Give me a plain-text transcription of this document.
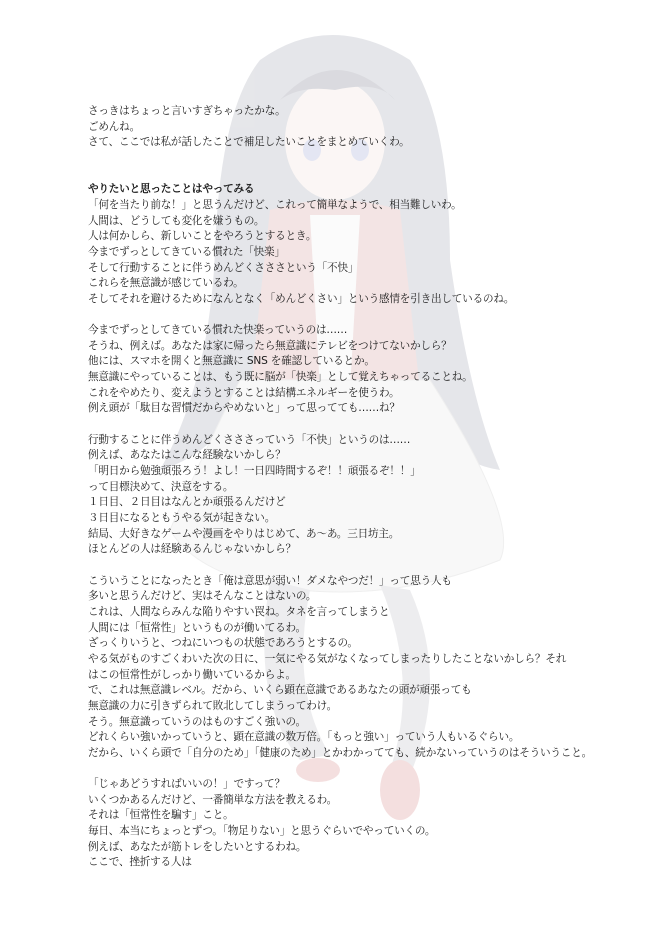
さっきはちょっと言いすぎちゃったかな。
ごめんね。
さて、ここでは私が話したことで補足したいことをまとめていくわ。
やりたいと思ったことはやってみる
「何を当たり前な！」と思うんだけど、これって簡単なようで、相当難しいわ。
人間は、どうしても変化を嫌うもの。
人は何かしら、新しいことをやろうとするとき。
今までずっとしてきている慣れた「快楽」
そして行動することに伴うめんどくさささという「不快」
これらを無意識が感じているわ。
そしてそれを避けるためになんとなく「めんどくさい」という感情を引き出しているのね。
今までずっとしてきている慣れた快楽っていうのは……
そうね、例えば。あなたは家に帰ったら無意識にテレビをつけてないかしら？
他には、スマホを開くと無意識に SNS を確認しているとか。
無意識にやっていることは、もう既に脳が「快楽」として覚えちゃってることね。
これをやめたり、変えようとすることは結構エネルギーを使うわ。
例え頭が「駄目な習慣だからやめないと」って思ってても……ね？
行動することに伴うめんどくさささっていう「不快」というのは……
例えば、あなたはこんな経験ないかしら？
「明日から勉強頑張ろう！よし！一日四時間するぞ！！頑張るぞ！！」
って目標決めて、決意をする。
１日目、２日目はなんとか頑張るんだけど
３日目になるともうやる気が起きない。
結局、大好きなゲームや漫画をやりはじめて、あ～あ。三日坊主。
ほとんどの人は経験あるんじゃないかしら？
こういうことになったとき「俺は意思が弱い！ダメなやつだ！」って思う人も
多いと思うんだけど、実はそんなことはないの。
これは、人間ならみんな陥りやすい罠ね。タネを言ってしまうと
人間には「恒常性」というものが働いてるわ。
ざっくりいうと、つねにいつもの状態であろうとするの。
やる気がものすごくわいた次の日に、一気にやる気がなくなってしまったりしたことないかしら？それ
はこの恒常性がしっかり働いているからよ。
で、これは無意識レベル。だから、いくら顕在意識であるあなたの頭が頑張っても
無意識の力に引きずられて敗北してしまうってわけ。
そう。無意識っていうのはものすごく強いの。
どれくらい強いかっていうと、顕在意識の数万倍。「もっと強い」っていう人もいるぐらい。
だから、いくら頭で「自分のため」「健康のため」とかわかってても、続かないっていうのはそういうこと。
「じゃあどうすればいいの！」ですって？
いくつかあるんだけど、一番簡単な方法を教えるわ。
それは「恒常性を騙す」こと。
毎日、本当にちょっとずつ。「物足りない」と思うぐらいでやっていくの。
例えば、あなたが筋トレをしたいとするわね。
ここで、挫折する人は
